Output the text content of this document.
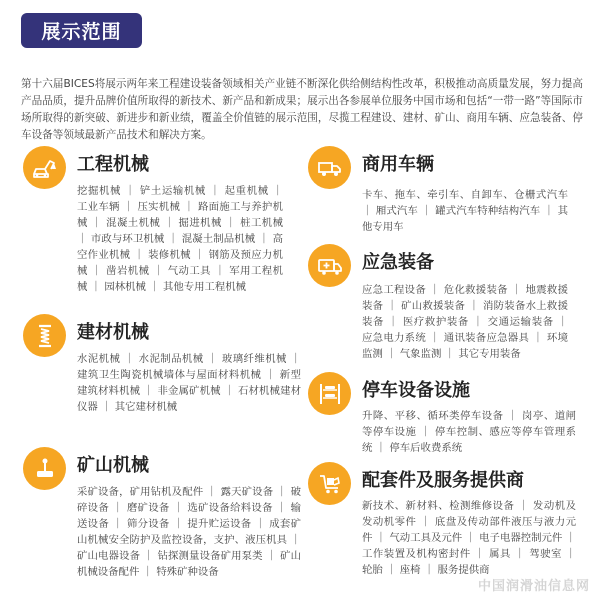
展示范围
第十六届BICES将展示两年来工程建设装备领域相关产业链不断深化供给侧结构性改革，积极推动高质量发展，努力提高产品品质，提升品牌价值所取得的新技术、新产品和新成果；展示出各参展单位服务中国市场和包括“一带一路”等国际市场所取得的新突破、新进步和新业绩，覆盖全价值链的展示范围，尽揽工程建设、建材、矿山、商用车辆、应急装备、停车设备等领域最新产品技术和解决方案。
工程机械
挖掘机械 ｜ 铲土运输机械 ｜ 起重机械 ｜ 工业车辆 ｜ 压实机械 ｜ 路面施工与养护机械 ｜ 混凝土机械 ｜ 掘进机械 ｜ 桩工机械 ｜ 市政与环卫机械 ｜ 混凝土制品机械 ｜ 高空作业机械 ｜ 装修机械 ｜ 钢筋及预应力机械 ｜ 凿岩机械 ｜ 气动工具 ｜ 军用工程机械 ｜ 园林机械 ｜ 其他专用工程机械
建材机械
水泥机械 ｜ 水泥制品机械 ｜ 玻璃纤维机械 ｜ 建筑卫生陶瓷机械墙体与屋面材料机械 ｜ 新型建筑材料机械 ｜ 非金属矿机械 ｜ 石材机械建材仪器 ｜ 其它建材机械
矿山机械
采矿设备，矿用钻机及配件 ｜ 露天矿设备 ｜ 破碎设备 ｜ 磨矿设备 ｜ 选矿设备给料设备 ｜ 输送设备 ｜ 筛分设备 ｜ 提升贮运设备 ｜ 成套矿山机械安全防护及监控设备，支护、液压机具 ｜ 矿山电器设备 ｜ 钻探测量设备矿用泵类 ｜ 矿山机械设备配件 ｜ 特殊矿种设备
商用车辆
卡车、拖车、牵引车、自卸车、仓栅式汽车 ｜ 厢式汽车 ｜ 罐式汽车特种结构汽车 ｜ 其他专用车
应急装备
应急工程设备 ｜ 危化救援装备 ｜ 地震救援装备 ｜ 矿山救援装备 ｜ 消防装备水上救援装备 ｜ 医疗救护装备 ｜ 交通运输装备 ｜ 应急电力系统 ｜ 通讯装备应急器具 ｜ 环境监测 ｜ 气象监测 ｜ 其它专用装备
停车设备设施
升降、平移、循环类停车设备 ｜ 岗亭、道闸等停车设施 ｜ 停车控制、感应等停车管理系统 ｜ 停车后收费系统
配套件及服务提供商
新技术、新材料、检测维修设备 ｜ 发动机及发动机零件 ｜ 底盘及传动部件液压与液力元件 ｜ 气动工具及元件 ｜ 电子电器控制元件 ｜ 工作装置及机构密封件 ｜ 属具 ｜ 驾驶室 ｜ 轮胎 ｜ 座椅 ｜ 服务提供商
中国润滑油信息网
